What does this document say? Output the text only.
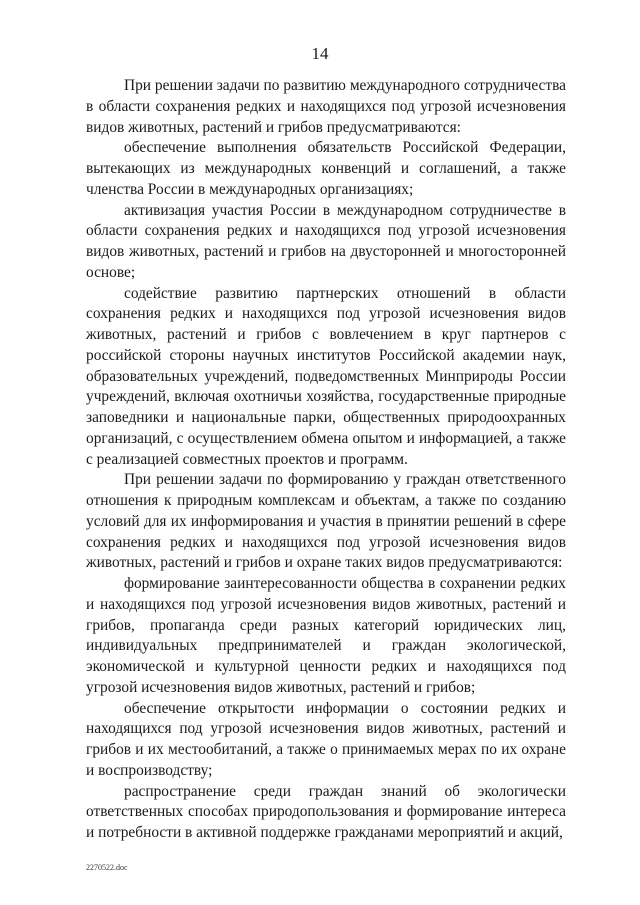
14

При решении задачи по развитию международного сотрудничества в области сохранения редких и находящихся под угрозой исчезновения видов животных, растений и грибов предусматриваются:

обеспечение выполнения обязательств Российской Федерации, вытекающих из международных конвенций и соглашений, а также членства России в международных организациях;

активизация участия России в международном сотрудничестве в области сохранения редких и находящихся под угрозой исчезновения видов животных, растений и грибов на двусторонней и многосторонней основе;

содействие развитию партнерских отношений в области сохранения редких и находящихся под угрозой исчезновения видов животных, растений и грибов с вовлечением в круг партнеров с российской стороны научных институтов Российской академии наук, образовательных учреждений, подведомственных Минприроды России учреждений, включая охотничьи хозяйства, государственные природные заповедники и национальные парки, общественных природоохранных организаций, с осуществлением обмена опытом и информацией, а также с реализацией совместных проектов и программ.

При решении задачи по формированию у граждан ответственного отношения к природным комплексам и объектам, а также по созданию условий для их информирования и участия в принятии решений в сфере сохранения редких и находящихся под угрозой исчезновения видов животных, растений и грибов и охране таких видов предусматриваются:

формирование заинтересованности общества в сохранении редких и находящихся под угрозой исчезновения видов животных, растений и грибов, пропаганда среди разных категорий юридических лиц, индивидуальных предпринимателей и граждан экологической, экономической и культурной ценности редких и находящихся под угрозой исчезновения видов животных, растений и грибов;

обеспечение открытости информации о состоянии редких и находящихся под угрозой исчезновения видов животных, растений и грибов и их местообитаний, а также о принимаемых мерах по их охране и воспроизводству;

распространение среди граждан знаний об экологически ответственных способах природопользования и формирование интереса и потребности в активной поддержке гражданами мероприятий и акций,

2270522.doc
